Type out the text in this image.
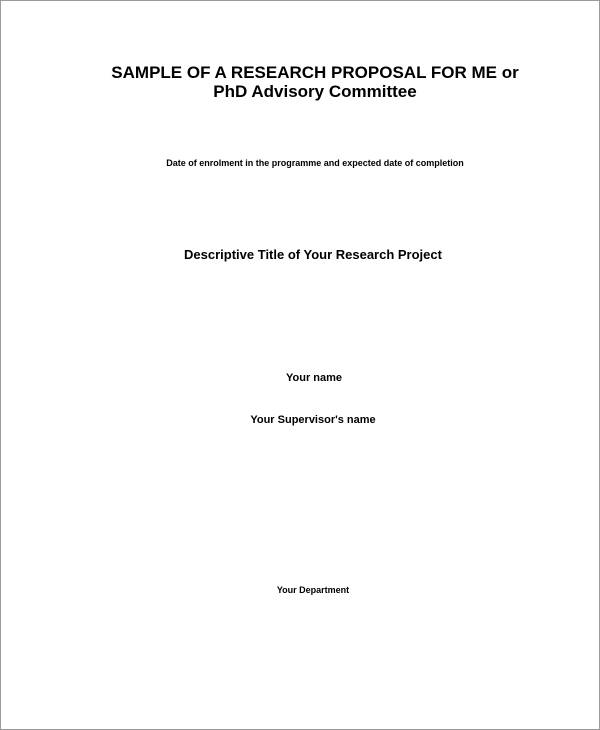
SAMPLE OF A RESEARCH PROPOSAL FOR ME or
PhD Advisory Committee
Date of enrolment in the programme and expected date of completion
Descriptive Title of Your Research Project
Your name
Your Supervisor's name
Your Department
